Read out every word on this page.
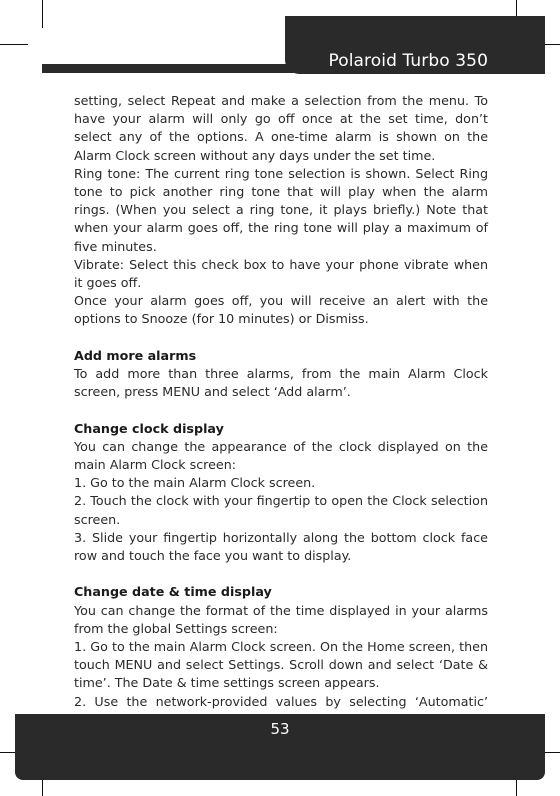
Polaroid Turbo 350

setting, select Repeat and make a selection from the menu. To have your alarm will only go off once at the set time, don’t select any of the options. A one-time alarm is shown on the Alarm Clock screen without any days under the set time.

Ring tone: The current ring tone selection is shown. Select Ring tone to pick another ring tone that will play when the alarm rings. (When you select a ring tone, it plays briefly.) Note that when your alarm goes off, the ring tone will play a maximum of five minutes.

Vibrate: Select this check box to have your phone vibrate when it goes off.

Once your alarm goes off, you will receive an alert with the options to Snooze (for 10 minutes) or Dismiss.

Add more alarms

To add more than three alarms, from the main Alarm Clock screen, press MENU and select ‘Add alarm’.

Change clock display

You can change the appearance of the clock displayed on the main Alarm Clock screen:

1. Go to the main Alarm Clock screen.

2. Touch the clock with your fingertip to open the Clock selection screen.

3. Slide your fingertip horizontally along the bottom clock face row and touch the face you want to display.

Change date & time display

You can change the format of the time displayed in your alarms from the global Settings screen:

1. Go to the main Alarm Clock screen. On the Home screen, then touch MENU and select Settings. Scroll down and select ‘Date & time’. The Date & time settings screen appears.

2. Use the network-provided values by selecting ‘Automatic’

53
